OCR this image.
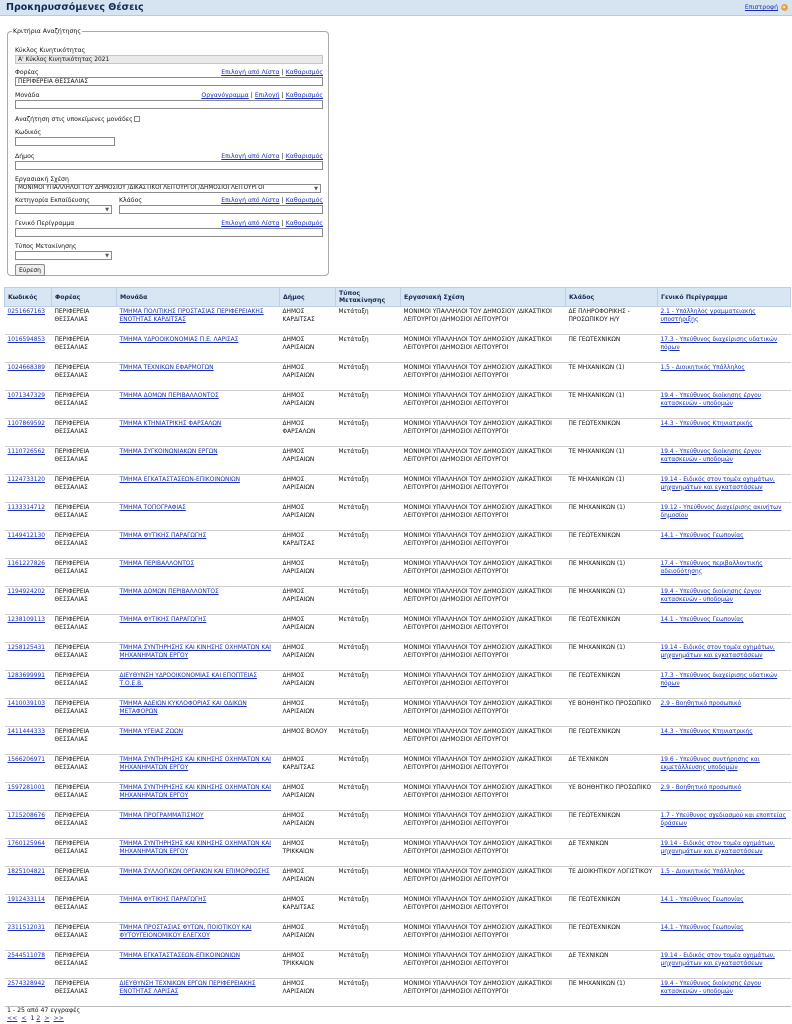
Προκηρυσσόμενες Θέσεις	Επιστροφή
Κριτήρια Αναζήτησης
Κύκλος Κινητικότητας
Α' Κύκλος Κινητικότητας 2021
Φορέας	Επιλογή από Λίστα | Καθαρισμός
ΠΕΡΙΦΕΡΕΙΑ ΘΕΣΣΑΛΙΑΣ
Μονάδα	Οργανόγραμμα | Επιλογή | Καθαρισμός
Αναζήτηση στις υποκείμενες μονάδες
Κωδικός
Δήμος	Επιλογή από Λίστα | Καθαρισμός
Εργασιακή Σχέση
ΜΟΝΙΜΟΙ ΥΠΑΛΛΗΛΟΙ ΤΟΥ ΔΗΜΟΣΙΟΥ /ΔΙΚΑΣΤΙΚΟΙ ΛΕΙΤΟΥΡΓΟΙ /ΔΗΜΟΣΙΟΙ ΛΕΙΤΟΥΡΓΟΙ	▼
Κατηγορία Εκπαίδευσης
▼
Κλάδος	Επιλογή από Λίστα | Καθαρισμός
Γενικό Περίγραμμα	Επιλογή από Λίστα | Καθαρισμός
Τύπος Μετακίνησης
▼
Εύρεση
Κωδικός	Φορέας	Μονάδα	Δήμος	Τύπος Μετακίνησης	Εργασιακή Σχέση	Κλάδος	Γενικό Περίγραμμα
0251667163	ΠΕΡΙΦΕΡΕΙΑ ΘΕΣΣΑΛΙΑΣ	ΤΜΗΜΑ ΠΟΛΙΤΙΚΗΣ ΠΡΟΣΤΑΣΙΑΣ ΠΕΡΙΦΕΡΕΙΑΚΗΣ ΕΝΟΤΗΤΑΣ ΚΑΡΔΙΤΣΑΣ	ΔΗΜΟΣ ΚΑΡΔΙΤΣΑΣ	Μετάταξη	ΜΟΝΙΜΟΙ ΥΠΑΛΛΗΛΟΙ ΤΟΥ ΔΗΜΟΣΙΟΥ /ΔΙΚΑΣΤΙΚΟΙ ΛΕΙΤΟΥΡΓΟΙ /ΔΗΜΟΣΙΟΙ ΛΕΙΤΟΥΡΓΟΙ	ΔΕ ΠΛΗΡΟΦΟΡΙΚΗΣ - ΠΡΟΣΩΠΙΚΟΥ Η/Υ	2.1 - Υπάλληλος γραμματειακής υποστήριξης
1016594853	ΠΕΡΙΦΕΡΕΙΑ ΘΕΣΣΑΛΙΑΣ	ΤΜΗΜΑ ΥΔΡΟΟΙΚΟΝΟΜΙΑΣ Π.Ε. ΛΑΡΙΣΑΣ	ΔΗΜΟΣ ΛΑΡΙΣΑΙΩΝ	Μετάταξη	ΜΟΝΙΜΟΙ ΥΠΑΛΛΗΛΟΙ ΤΟΥ ΔΗΜΟΣΙΟΥ /ΔΙΚΑΣΤΙΚΟΙ ΛΕΙΤΟΥΡΓΟΙ /ΔΗΜΟΣΙΟΙ ΛΕΙΤΟΥΡΓΟΙ	ΠΕ ΓΕΩΤΕΧΝΙΚΩΝ	17.3 - Υπεύθυνος διαχείρισης υδατικών πόρων
1024668389	ΠΕΡΙΦΕΡΕΙΑ ΘΕΣΣΑΛΙΑΣ	ΤΜΗΜΑ ΤΕΧΝΙΚΩΝ ΕΦΑΡΜΟΓΩΝ	ΔΗΜΟΣ ΛΑΡΙΣΑΙΩΝ	Μετάταξη	ΜΟΝΙΜΟΙ ΥΠΑΛΛΗΛΟΙ ΤΟΥ ΔΗΜΟΣΙΟΥ /ΔΙΚΑΣΤΙΚΟΙ ΛΕΙΤΟΥΡΓΟΙ /ΔΗΜΟΣΙΟΙ ΛΕΙΤΟΥΡΓΟΙ	ΤΕ ΜΗΧΑΝΙΚΩΝ (1)	1.5 - Διοικητικός Υπάλληλος
1071347329	ΠΕΡΙΦΕΡΕΙΑ ΘΕΣΣΑΛΙΑΣ	ΤΜΗΜΑ ΔΟΜΩΝ ΠΕΡΙΒΑΛΛΟΝΤΟΣ	ΔΗΜΟΣ ΛΑΡΙΣΑΙΩΝ	Μετάταξη	ΜΟΝΙΜΟΙ ΥΠΑΛΛΗΛΟΙ ΤΟΥ ΔΗΜΟΣΙΟΥ /ΔΙΚΑΣΤΙΚΟΙ ΛΕΙΤΟΥΡΓΟΙ /ΔΗΜΟΣΙΟΙ ΛΕΙΤΟΥΡΓΟΙ	ΤΕ ΜΗΧΑΝΙΚΩΝ (1)	19.4 - Υπεύθυνος διοίκησης έργου κατασκευών - υποδομών
1107869592	ΠΕΡΙΦΕΡΕΙΑ ΘΕΣΣΑΛΙΑΣ	ΤΜΗΜΑ ΚΤΗΝΙΑΤΡΙΚΗΣ ΦΑΡΣΑΛΩΝ	ΔΗΜΟΣ ΦΑΡΣΑΛΩΝ	Μετάταξη	ΜΟΝΙΜΟΙ ΥΠΑΛΛΗΛΟΙ ΤΟΥ ΔΗΜΟΣΙΟΥ /ΔΙΚΑΣΤΙΚΟΙ ΛΕΙΤΟΥΡΓΟΙ /ΔΗΜΟΣΙΟΙ ΛΕΙΤΟΥΡΓΟΙ	ΠΕ ΓΕΩΤΕΧΝΙΚΩΝ	14.3 - Υπεύθυνος Κτηνιατρικής
1110726562	ΠΕΡΙΦΕΡΕΙΑ ΘΕΣΣΑΛΙΑΣ	ΤΜΗΜΑ ΣΥΓΚΟΙΝΩΝΙΑΚΩΝ ΕΡΓΩΝ	ΔΗΜΟΣ ΛΑΡΙΣΑΙΩΝ	Μετάταξη	ΜΟΝΙΜΟΙ ΥΠΑΛΛΗΛΟΙ ΤΟΥ ΔΗΜΟΣΙΟΥ /ΔΙΚΑΣΤΙΚΟΙ ΛΕΙΤΟΥΡΓΟΙ /ΔΗΜΟΣΙΟΙ ΛΕΙΤΟΥΡΓΟΙ	ΤΕ ΜΗΧΑΝΙΚΩΝ (1)	19.4 - Υπεύθυνος διοίκησης έργου κατασκευών - υποδομών
1124733120	ΠΕΡΙΦΕΡΕΙΑ ΘΕΣΣΑΛΙΑΣ	ΤΜΗΜΑ ΕΓΚΑΤΑΣΤΑΣΕΩΝ-ΕΠΙΚΟΙΝΩΝΙΩΝ	ΔΗΜΟΣ ΛΑΡΙΣΑΙΩΝ	Μετάταξη	ΜΟΝΙΜΟΙ ΥΠΑΛΛΗΛΟΙ ΤΟΥ ΔΗΜΟΣΙΟΥ /ΔΙΚΑΣΤΙΚΟΙ ΛΕΙΤΟΥΡΓΟΙ /ΔΗΜΟΣΙΟΙ ΛΕΙΤΟΥΡΓΟΙ	ΤΕ ΜΗΧΑΝΙΚΩΝ (1)	19.14 - Ειδικός στον τομέα οχημάτων, μηχανημάτων και εγκαταστάσεων
1133314712	ΠΕΡΙΦΕΡΕΙΑ ΘΕΣΣΑΛΙΑΣ	ΤΜΗΜΑ ΤΟΠΟΓΡΑΦΙΑΣ	ΔΗΜΟΣ ΛΑΡΙΣΑΙΩΝ	Μετάταξη	ΜΟΝΙΜΟΙ ΥΠΑΛΛΗΛΟΙ ΤΟΥ ΔΗΜΟΣΙΟΥ /ΔΙΚΑΣΤΙΚΟΙ ΛΕΙΤΟΥΡΓΟΙ /ΔΗΜΟΣΙΟΙ ΛΕΙΤΟΥΡΓΟΙ	ΠΕ ΜΗΧΑΝΙΚΩΝ (1)	19.12 - Υπεύθυνος Διαχείρισης ακινήτων δημοσίου
1149412130	ΠΕΡΙΦΕΡΕΙΑ ΘΕΣΣΑΛΙΑΣ	ΤΜΗΜΑ ΦΥΤΙΚΗΣ ΠΑΡΑΓΩΓΗΣ	ΔΗΜΟΣ ΚΑΡΔΙΤΣΑΣ	Μετάταξη	ΜΟΝΙΜΟΙ ΥΠΑΛΛΗΛΟΙ ΤΟΥ ΔΗΜΟΣΙΟΥ /ΔΙΚΑΣΤΙΚΟΙ ΛΕΙΤΟΥΡΓΟΙ /ΔΗΜΟΣΙΟΙ ΛΕΙΤΟΥΡΓΟΙ	ΠΕ ΓΕΩΤΕΧΝΙΚΩΝ	14.1 - Υπεύθυνος Γεωπονίας
1161227826	ΠΕΡΙΦΕΡΕΙΑ ΘΕΣΣΑΛΙΑΣ	ΤΜΗΜΑ ΠΕΡΙΒΑΛΛΟΝΤΟΣ	ΔΗΜΟΣ ΛΑΡΙΣΑΙΩΝ	Μετάταξη	ΜΟΝΙΜΟΙ ΥΠΑΛΛΗΛΟΙ ΤΟΥ ΔΗΜΟΣΙΟΥ /ΔΙΚΑΣΤΙΚΟΙ ΛΕΙΤΟΥΡΓΟΙ /ΔΗΜΟΣΙΟΙ ΛΕΙΤΟΥΡΓΟΙ	ΠΕ ΜΗΧΑΝΙΚΩΝ (1)	17.4 - Υπεύθυνος περιβαλλοντικής αδειοδότησης
1194924202	ΠΕΡΙΦΕΡΕΙΑ ΘΕΣΣΑΛΙΑΣ	ΤΜΗΜΑ ΔΟΜΩΝ ΠΕΡΙΒΑΛΛΟΝΤΟΣ	ΔΗΜΟΣ ΛΑΡΙΣΑΙΩΝ	Μετάταξη	ΜΟΝΙΜΟΙ ΥΠΑΛΛΗΛΟΙ ΤΟΥ ΔΗΜΟΣΙΟΥ /ΔΙΚΑΣΤΙΚΟΙ ΛΕΙΤΟΥΡΓΟΙ /ΔΗΜΟΣΙΟΙ ΛΕΙΤΟΥΡΓΟΙ	ΠΕ ΜΗΧΑΝΙΚΩΝ (1)	19.4 - Υπεύθυνος διοίκησης έργου κατασκευών - υποδομών
1238109113	ΠΕΡΙΦΕΡΕΙΑ ΘΕΣΣΑΛΙΑΣ	ΤΜΗΜΑ ΦΥΤΙΚΗΣ ΠΑΡΑΓΩΓΗΣ	ΔΗΜΟΣ ΛΑΡΙΣΑΙΩΝ	Μετάταξη	ΜΟΝΙΜΟΙ ΥΠΑΛΛΗΛΟΙ ΤΟΥ ΔΗΜΟΣΙΟΥ /ΔΙΚΑΣΤΙΚΟΙ ΛΕΙΤΟΥΡΓΟΙ /ΔΗΜΟΣΙΟΙ ΛΕΙΤΟΥΡΓΟΙ	ΠΕ ΓΕΩΤΕΧΝΙΚΩΝ	14.1 - Υπεύθυνος Γεωπονίας
1258125431	ΠΕΡΙΦΕΡΕΙΑ ΘΕΣΣΑΛΙΑΣ	ΤΜΗΜΑ ΣΥΝΤΗΡΗΣΗΣ ΚΑΙ ΚΙΝΗΣΗΣ ΟΧΗΜΑΤΩΝ ΚΑΙ ΜΗΧΑΝΗΜΑΤΩΝ ΕΡΓΟΥ	ΔΗΜΟΣ ΛΑΡΙΣΑΙΩΝ	Μετάταξη	ΜΟΝΙΜΟΙ ΥΠΑΛΛΗΛΟΙ ΤΟΥ ΔΗΜΟΣΙΟΥ /ΔΙΚΑΣΤΙΚΟΙ ΛΕΙΤΟΥΡΓΟΙ /ΔΗΜΟΣΙΟΙ ΛΕΙΤΟΥΡΓΟΙ	ΠΕ ΜΗΧΑΝΙΚΩΝ (1)	19.14 - Ειδικός στον τομέα οχημάτων, μηχανημάτων και εγκαταστάσεων
1283699991	ΠΕΡΙΦΕΡΕΙΑ ΘΕΣΣΑΛΙΑΣ	ΔΙΕΥΘΥΝΣΗ ΥΔΡΟΟΙΚΟΝΟΜΙΑΣ ΚΑΙ ΕΠΟΠΤΕΙΑΣ Τ.Ο.Ε.Β.	ΔΗΜΟΣ ΛΑΡΙΣΑΙΩΝ	Μετάταξη	ΜΟΝΙΜΟΙ ΥΠΑΛΛΗΛΟΙ ΤΟΥ ΔΗΜΟΣΙΟΥ /ΔΙΚΑΣΤΙΚΟΙ ΛΕΙΤΟΥΡΓΟΙ /ΔΗΜΟΣΙΟΙ ΛΕΙΤΟΥΡΓΟΙ	ΠΕ ΓΕΩΤΕΧΝΙΚΩΝ	17.3 - Υπεύθυνος διαχείρισης υδατικών πόρων
1410039103	ΠΕΡΙΦΕΡΕΙΑ ΘΕΣΣΑΛΙΑΣ	ΤΜΗΜΑ ΑΔΕΙΩΝ ΚΥΚΛΟΦΟΡΙΑΣ ΚΑΙ ΟΔΙΚΩΝ ΜΕΤΑΦΟΡΩΝ	ΔΗΜΟΣ ΛΑΡΙΣΑΙΩΝ	Μετάταξη	ΜΟΝΙΜΟΙ ΥΠΑΛΛΗΛΟΙ ΤΟΥ ΔΗΜΟΣΙΟΥ /ΔΙΚΑΣΤΙΚΟΙ ΛΕΙΤΟΥΡΓΟΙ /ΔΗΜΟΣΙΟΙ ΛΕΙΤΟΥΡΓΟΙ	ΥΕ ΒΟΗΘΗΤΙΚΟ ΠΡΟΣΩΠΙΚΟ	2.9 - Βοηθητικό προσωπικό
1411444333	ΠΕΡΙΦΕΡΕΙΑ ΘΕΣΣΑΛΙΑΣ	ΤΜΗΜΑ ΥΓΕΙΑΣ ΖΩΩΝ	ΔΗΜΟΣ ΒΟΛΟΥ	Μετάταξη	ΜΟΝΙΜΟΙ ΥΠΑΛΛΗΛΟΙ ΤΟΥ ΔΗΜΟΣΙΟΥ /ΔΙΚΑΣΤΙΚΟΙ ΛΕΙΤΟΥΡΓΟΙ /ΔΗΜΟΣΙΟΙ ΛΕΙΤΟΥΡΓΟΙ	ΠΕ ΓΕΩΤΕΧΝΙΚΩΝ	14.3 - Υπεύθυνος Κτηνιατρικής
1566206971	ΠΕΡΙΦΕΡΕΙΑ ΘΕΣΣΑΛΙΑΣ	ΤΜΗΜΑ ΣΥΝΤΗΡΗΣΗΣ ΚΑΙ ΚΙΝΗΣΗΣ ΟΧΗΜΑΤΩΝ ΚΑΙ ΜΗΧΑΝΗΜΑΤΩΝ ΕΡΓΟΥ	ΔΗΜΟΣ ΚΑΡΔΙΤΣΑΣ	Μετάταξη	ΜΟΝΙΜΟΙ ΥΠΑΛΛΗΛΟΙ ΤΟΥ ΔΗΜΟΣΙΟΥ /ΔΙΚΑΣΤΙΚΟΙ ΛΕΙΤΟΥΡΓΟΙ /ΔΗΜΟΣΙΟΙ ΛΕΙΤΟΥΡΓΟΙ	ΔΕ ΤΕΧΝΙΚΩΝ	19.6 - Υπεύθυνος συντήρησης και εκμετάλλευσης υποδομών
1597281001	ΠΕΡΙΦΕΡΕΙΑ ΘΕΣΣΑΛΙΑΣ	ΤΜΗΜΑ ΣΥΝΤΗΡΗΣΗΣ ΚΑΙ ΚΙΝΗΣΗΣ ΟΧΗΜΑΤΩΝ ΚΑΙ ΜΗΧΑΝΗΜΑΤΩΝ ΕΡΓΟΥ	ΔΗΜΟΣ ΛΑΡΙΣΑΙΩΝ	Μετάταξη	ΜΟΝΙΜΟΙ ΥΠΑΛΛΗΛΟΙ ΤΟΥ ΔΗΜΟΣΙΟΥ /ΔΙΚΑΣΤΙΚΟΙ ΛΕΙΤΟΥΡΓΟΙ /ΔΗΜΟΣΙΟΙ ΛΕΙΤΟΥΡΓΟΙ	ΥΕ ΒΟΗΘΗΤΙΚΟ ΠΡΟΣΩΠΙΚΟ	2.9 - Βοηθητικό προσωπικό
1715208676	ΠΕΡΙΦΕΡΕΙΑ ΘΕΣΣΑΛΙΑΣ	ΤΜΗΜΑ ΠΡΟΓΡΑΜΜΑΤΙΣΜΟΥ	ΔΗΜΟΣ ΛΑΡΙΣΑΙΩΝ	Μετάταξη	ΜΟΝΙΜΟΙ ΥΠΑΛΛΗΛΟΙ ΤΟΥ ΔΗΜΟΣΙΟΥ /ΔΙΚΑΣΤΙΚΟΙ ΛΕΙΤΟΥΡΓΟΙ /ΔΗΜΟΣΙΟΙ ΛΕΙΤΟΥΡΓΟΙ	ΠΕ ΓΕΩΤΕΧΝΙΚΩΝ	1.7 - Υπεύθυνος σχεδιασμού και εποπτείας δράσεων
1760125964	ΠΕΡΙΦΕΡΕΙΑ ΘΕΣΣΑΛΙΑΣ	ΤΜΗΜΑ ΣΥΝΤΗΡΗΣΗΣ ΚΑΙ ΚΙΝΗΣΗΣ ΟΧΗΜΑΤΩΝ ΚΑΙ ΜΗΧΑΝΗΜΑΤΩΝ ΕΡΓΟΥ	ΔΗΜΟΣ ΤΡΙΚΚΑΙΩΝ	Μετάταξη	ΜΟΝΙΜΟΙ ΥΠΑΛΛΗΛΟΙ ΤΟΥ ΔΗΜΟΣΙΟΥ /ΔΙΚΑΣΤΙΚΟΙ ΛΕΙΤΟΥΡΓΟΙ /ΔΗΜΟΣΙΟΙ ΛΕΙΤΟΥΡΓΟΙ	ΔΕ ΤΕΧΝΙΚΩΝ	19.14 - Ειδικός στον τομέα οχημάτων, μηχανημάτων και εγκαταστάσεων
1825104821	ΠΕΡΙΦΕΡΕΙΑ ΘΕΣΣΑΛΙΑΣ	ΤΜΗΜΑ ΣΥΛΛΟΓΙΚΩΝ ΟΡΓΑΝΩΝ ΚΑΙ ΕΠΙΜΟΡΦΩΣΗΣ	ΔΗΜΟΣ ΛΑΡΙΣΑΙΩΝ	Μετάταξη	ΜΟΝΙΜΟΙ ΥΠΑΛΛΗΛΟΙ ΤΟΥ ΔΗΜΟΣΙΟΥ /ΔΙΚΑΣΤΙΚΟΙ ΛΕΙΤΟΥΡΓΟΙ /ΔΗΜΟΣΙΟΙ ΛΕΙΤΟΥΡΓΟΙ	ΤΕ ΔΙΟΙΚΗΤΙΚΟΥ ΛΟΓΙΣΤΙΚΟΥ	1.5 - Διοικητικός Υπάλληλος
1912433114	ΠΕΡΙΦΕΡΕΙΑ ΘΕΣΣΑΛΙΑΣ	ΤΜΗΜΑ ΦΥΤΙΚΗΣ ΠΑΡΑΓΩΓΗΣ	ΔΗΜΟΣ ΚΑΡΔΙΤΣΑΣ	Μετάταξη	ΜΟΝΙΜΟΙ ΥΠΑΛΛΗΛΟΙ ΤΟΥ ΔΗΜΟΣΙΟΥ /ΔΙΚΑΣΤΙΚΟΙ ΛΕΙΤΟΥΡΓΟΙ /ΔΗΜΟΣΙΟΙ ΛΕΙΤΟΥΡΓΟΙ	ΠΕ ΓΕΩΤΕΧΝΙΚΩΝ	14.1 - Υπεύθυνος Γεωπονίας
2311512031	ΠΕΡΙΦΕΡΕΙΑ ΘΕΣΣΑΛΙΑΣ	ΤΜΗΜΑ ΠΡΟΣΤΑΣΙΑΣ ΦΥΤΩΝ, ΠΟΙΟΤΙΚΟΥ ΚΑΙ ΦΥΤΟΥΓΕΙΟΝΟΜΙΚΟΥ ΕΛΕΓΧΟΥ	ΔΗΜΟΣ ΛΑΡΙΣΑΙΩΝ	Μετάταξη	ΜΟΝΙΜΟΙ ΥΠΑΛΛΗΛΟΙ ΤΟΥ ΔΗΜΟΣΙΟΥ /ΔΙΚΑΣΤΙΚΟΙ ΛΕΙΤΟΥΡΓΟΙ /ΔΗΜΟΣΙΟΙ ΛΕΙΤΟΥΡΓΟΙ	ΠΕ ΓΕΩΤΕΧΝΙΚΩΝ	14.1 - Υπεύθυνος Γεωπονίας
2544511078	ΠΕΡΙΦΕΡΕΙΑ ΘΕΣΣΑΛΙΑΣ	ΤΜΗΜΑ ΕΓΚΑΤΑΣΤΑΣΕΩΝ-ΕΠΙΚΟΙΝΩΝΙΩΝ	ΔΗΜΟΣ ΤΡΙΚΚΑΙΩΝ	Μετάταξη	ΜΟΝΙΜΟΙ ΥΠΑΛΛΗΛΟΙ ΤΟΥ ΔΗΜΟΣΙΟΥ /ΔΙΚΑΣΤΙΚΟΙ ΛΕΙΤΟΥΡΓΟΙ /ΔΗΜΟΣΙΟΙ ΛΕΙΤΟΥΡΓΟΙ	ΔΕ ΤΕΧΝΙΚΩΝ	19.14 - Ειδικός στον τομέα οχημάτων, μηχανημάτων και εγκαταστάσεων
2574328942	ΠΕΡΙΦΕΡΕΙΑ ΘΕΣΣΑΛΙΑΣ	ΔΙΕΥΘΥΝΣΗ ΤΕΧΝΙΚΩΝ ΕΡΓΩΝ ΠΕΡΙΦΕΡΕΙΑΚΗΣ ΕΝΟΤΗΤΑΣ ΛΑΡΙΣΑΣ	ΔΗΜΟΣ ΛΑΡΙΣΑΙΩΝ	Μετάταξη	ΜΟΝΙΜΟΙ ΥΠΑΛΛΗΛΟΙ ΤΟΥ ΔΗΜΟΣΙΟΥ /ΔΙΚΑΣΤΙΚΟΙ ΛΕΙΤΟΥΡΓΟΙ /ΔΗΜΟΣΙΟΙ ΛΕΙΤΟΥΡΓΟΙ	ΠΕ ΜΗΧΑΝΙΚΩΝ (1)	19.4 - Υπεύθυνος διοίκησης έργου κατασκευών - υποδομών
1 - 25 από 47 εγγραφές
<< < 1 2 > >>
